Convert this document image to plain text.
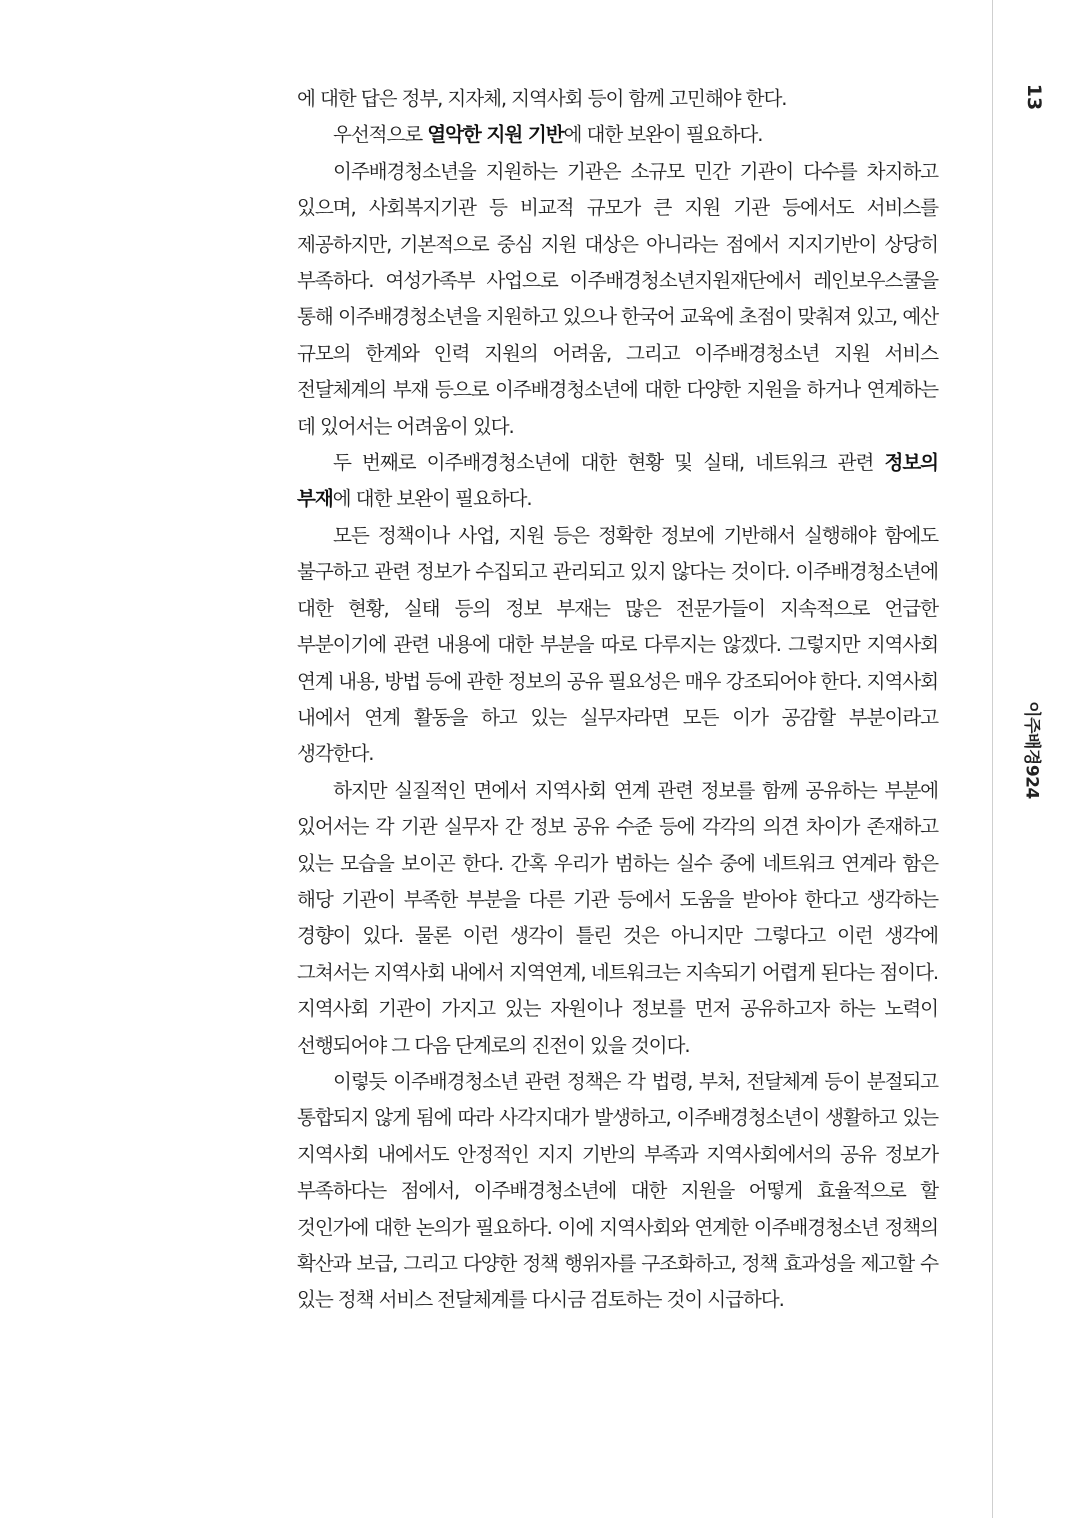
에 대한 답은 정부, 지자체, 지역사회 등이 함께 고민해야 한다.

우선적으로 열악한 지원 기반에 대한 보완이 필요하다.

이주배경청소년을 지원하는 기관은 소규모 민간 기관이 다수를 차지하고 있으며, 사회복지기관 등 비교적 규모가 큰 지원 기관 등에서도 서비스를 제공하지만, 기본적으로 중심 지원 대상은 아니라는 점에서 지지기반이 상당히 부족하다. 여성가족부 사업으로 이주배경청소년지원재단에서 레인보우스쿨을 통해 이주배경청소년을 지원하고 있으나 한국어 교육에 초점이 맞춰져 있고, 예산 규모의 한계와 인력 지원의 어려움, 그리고 이주배경청소년 지원 서비스 전달체계의 부재 등으로 이주배경청소년에 대한 다양한 지원을 하거나 연계하는 데 있어서는 어려움이 있다.

두 번째로 이주배경청소년에 대한 현황 및 실태, 네트워크 관련 정보의 부재에 대한 보완이 필요하다.

모든 정책이나 사업, 지원 등은 정확한 정보에 기반해서 실행해야 함에도 불구하고 관련 정보가 수집되고 관리되고 있지 않다는 것이다. 이주배경청소년에 대한 현황, 실태 등의 정보 부재는 많은 전문가들이 지속적으로 언급한 부분이기에 관련 내용에 대한 부분을 따로 다루지는 않겠다. 그렇지만 지역사회 연계 내용, 방법 등에 관한 정보의 공유 필요성은 매우 강조되어야 한다. 지역사회 내에서 연계 활동을 하고 있는 실무자라면 모든 이가 공감할 부분이라고 생각한다.

하지만 실질적인 면에서 지역사회 연계 관련 정보를 함께 공유하는 부분에 있어서는 각 기관 실무자 간 정보 공유 수준 등에 각각의 의견 차이가 존재하고 있는 모습을 보이곤 한다. 간혹 우리가 범하는 실수 중에 네트워크 연계라 함은 해당 기관이 부족한 부분을 다른 기관 등에서 도움을 받아야 한다고 생각하는 경향이 있다. 물론 이런 생각이 틀린 것은 아니지만 그렇다고 이런 생각에 그쳐서는 지역사회 내에서 지역연계, 네트워크는 지속되기 어렵게 된다는 점이다. 지역사회 기관이 가지고 있는 자원이나 정보를 먼저 공유하고자 하는 노력이 선행되어야 그 다음 단계로의 진전이 있을 것이다.

이렇듯 이주배경청소년 관련 정책은 각 법령, 부처, 전달체계 등이 분절되고 통합되지 않게 됨에 따라 사각지대가 발생하고, 이주배경청소년이 생활하고 있는 지역사회 내에서도 안정적인 지지 기반의 부족과 지역사회에서의 공유 정보가 부족하다는 점에서, 이주배경청소년에 대한 지원을 어떻게 효율적으로 할 것인가에 대한 논의가 필요하다. 이에 지역사회와 연계한 이주배경청소년 정책의 확산과 보급, 그리고 다양한 정책 행위자를 구조화하고, 정책 효과성을 제고할 수 있는 정책 서비스 전달체계를 다시금 검토하는 것이 시급하다.

13
이주배경924
